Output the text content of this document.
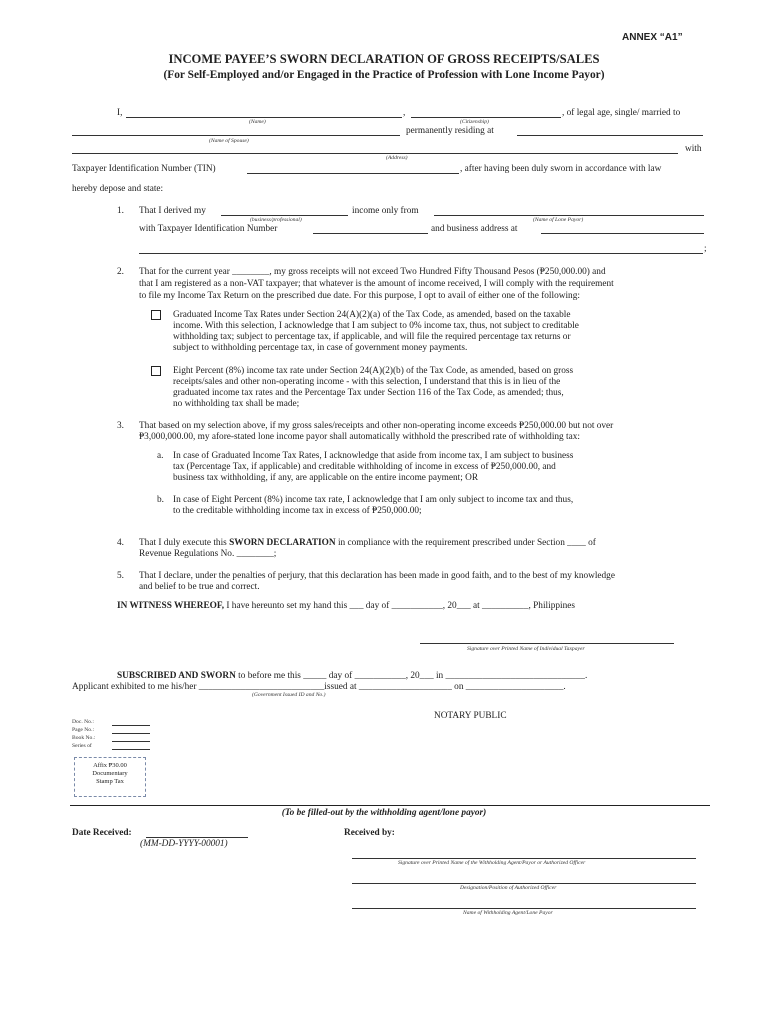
ANNEX “A1”
INCOME PAYEE’S SWORN DECLARATION OF GROSS RECEIPTS/SALES
(For Self-Employed and/or Engaged in the Practice of Profession with Lone Income Payor)
I,	,	, of legal age, single/ married to
(Name)	(Citizenship)
permanently residing at
(Name of Spouse)
with
(Address)
Taxpayer Identification Number (TIN)	, after having been duly sworn in accordance with law
hereby depose and state:
1. That I derived my	income only from
(business/professional)	(Name of Lone Payor)
with Taxpayer Identification Number	and business address at
;
2. That for the current year ________, my gross receipts will not exceed Two Hundred Fifty Thousand Pesos (₱250,000.00) and
that I am registered as a non-VAT taxpayer; that whatever is the amount of income received, I will comply with the requirement
to file my Income Tax Return on the prescribed due date. For this purpose, I opt to avail of either one of the following:
Graduated Income Tax Rates under Section 24(A)(2)(a) of the Tax Code, as amended, based on the taxable
income. With this selection, I acknowledge that I am subject to 0% income tax, thus, not subject to creditable
withholding tax; subject to percentage tax, if applicable, and will file the required percentage tax returns or
subject to withholding percentage tax, in case of government money payments.
Eight Percent (8%) income tax rate under Section 24(A)(2)(b) of the Tax Code, as amended, based on gross
receipts/sales and other non-operating income - with this selection, I understand that this is in lieu of the
graduated income tax rates and the Percentage Tax under Section 116 of the Tax Code, as amended; thus,
no withholding tax shall be made;
3. That based on my selection above, if my gross sales/receipts and other non-operating income exceeds ₱250,000.00 but not over
₱3,000,000.00, my afore-stated lone income payor shall automatically withhold the prescribed rate of withholding tax:
a. In case of Graduated Income Tax Rates, I acknowledge that aside from income tax, I am subject to business
tax (Percentage Tax, if applicable) and creditable withholding of income in excess of ₱250,000.00, and
business tax withholding, if any, are applicable on the entire income payment; OR
b. In case of Eight Percent (8%) income tax rate, I acknowledge that I am only subject to income tax and thus,
to the creditable withholding income tax in excess of ₱250,000.00;
4. That I duly execute this SWORN DECLARATION in compliance with the requirement prescribed under Section ____ of
Revenue Regulations No. ________;
5. That I declare, under the penalties of perjury, that this declaration has been made in good faith, and to the best of my knowledge
and belief to be true and correct.
IN WITNESS WHEREOF, I have hereunto set my hand this ___ day of ___________, 20___ at __________, Philippines
Signature over Printed Name of Individual Taxpayer
SUBSCRIBED AND SWORN to before me this _____ day of ___________, 20___ in ______________________________.
Applicant exhibited to me his/her ___________________________issued at ____________________ on _____________________.
(Government Issued ID and No.)
NOTARY PUBLIC
Doc. No.:
Page No.:
Book No.:
Series of
Affix ₱30.00
Documentary
Stamp Tax
(To be filled-out by the withholding agent/lone payor)
Date Received:
(MM-DD-YYYY-00001)
Received by:
Signature over Printed Name of the Withholding Agent/Payor or Authorized Officer
Designation/Position of Authorized Officer
Name of Withholding Agent/Lone Payor
